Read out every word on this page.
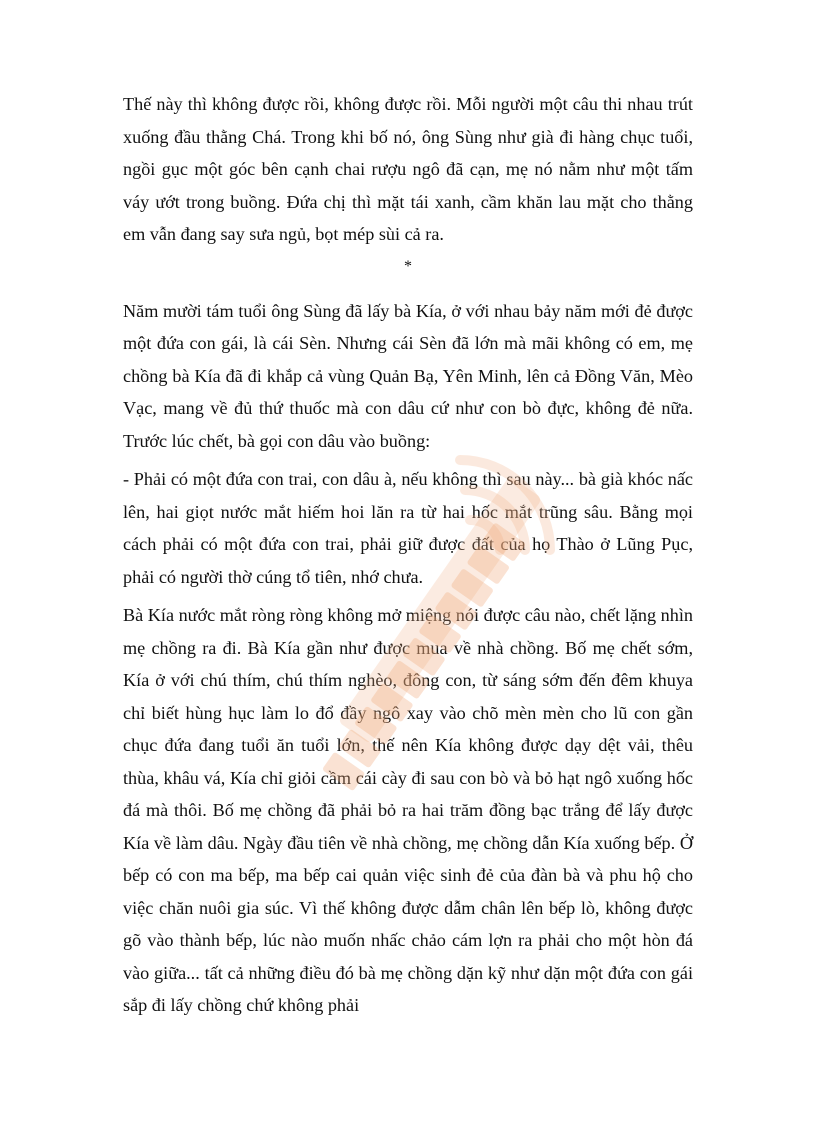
Thế này thì không được rồi, không được rồi. Mỗi người một câu thi nhau trút xuống đầu thằng Chá. Trong khi bố nó, ông Sùng như già đi hàng chục tuổi, ngồi gục một góc bên cạnh chai rượu ngô đã cạn, mẹ nó nằm như một tấm váy ướt trong buồng. Đứa chị thì mặt tái xanh, cầm khăn lau mặt cho thằng em vẫn đang say sưa ngủ, bọt mép sùi cả ra.

*

Năm mười tám tuổi ông Sùng đã lấy bà Kía, ở với nhau bảy năm mới đẻ được một đứa con gái, là cái Sèn. Nhưng cái Sèn đã lớn mà mãi không có em, mẹ chồng bà Kía đã đi khắp cả vùng Quản Bạ, Yên Minh, lên cả Đồng Văn, Mèo Vạc, mang về đủ thứ thuốc mà con dâu cứ như con bò đực, không đẻ nữa. Trước lúc chết, bà gọi con dâu vào buồng:

- Phải có một đứa con trai, con dâu à, nếu không thì sau này... bà già khóc nấc lên, hai giọt nước mắt hiếm hoi lăn ra từ hai hốc mắt trũng sâu. Bằng mọi cách phải có một đứa con trai, phải giữ được đất của họ Thào ở Lũng Pục, phải có người thờ cúng tổ tiên, nhớ chưa.

Bà Kía nước mắt ròng ròng không mở miệng nói được câu nào, chết lặng nhìn mẹ chồng ra đi. Bà Kía gần như được mua về nhà chồng. Bố mẹ chết sớm, Kía ở với chú thím, chú thím nghèo, đông con, từ sáng sớm đến đêm khuya chỉ biết hùng hục làm lo đổ đầy ngô xay vào chõ mèn mèn cho lũ con gần chục đứa đang tuổi ăn tuổi lớn, thế nên Kía không được dạy dệt vải, thêu thùa, khâu vá, Kía chỉ giỏi cầm cái cày đi sau con bò và bỏ hạt ngô xuống hốc đá mà thôi. Bố mẹ chồng đã phải bỏ ra hai trăm đồng bạc trắng để lấy được Kía về làm dâu. Ngày đầu tiên về nhà chồng, mẹ chồng dẫn Kía xuống bếp. Ở bếp có con ma bếp, ma bếp cai quản việc sinh đẻ của đàn bà và phu hộ cho việc chăn nuôi gia súc. Vì thế không được dẫm chân lên bếp lò, không được gõ vào thành bếp, lúc nào muốn nhấc chảo cám lợn ra phải cho một hòn đá vào giữa... tất cả những điều đó bà mẹ chồng dặn kỹ như dặn một đứa con gái sắp đi lấy chồng chứ không phải
